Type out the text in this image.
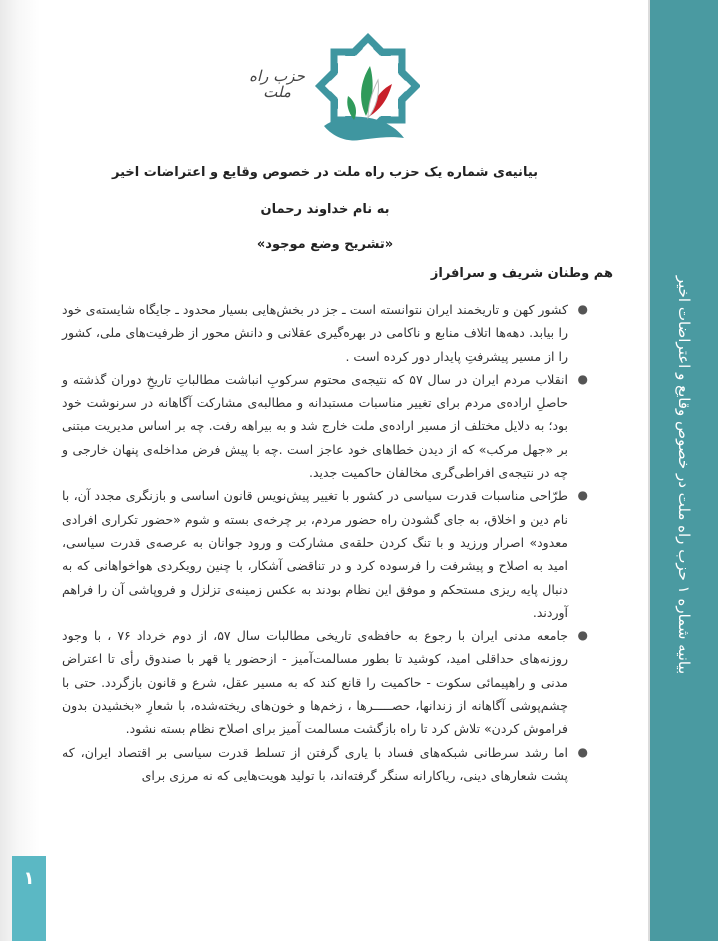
بیانیه شماره ۱ حزب راه ملت در خصوص وقایع و اعتراضات اخیر
حزب راه ملت
بیانیه‌ی شماره یک حزب راه ملت در خصوص وقایع و اعتراضات اخیر
به نام خداوند رحمان
«تشریح وضع موجود»
هم وطنان شریف و سرافراز
●
کشور کهن و تاریخمند ایران نتوانسته است ـ جز در بخش‌هایی بسیار محدود ـ جایگاه شایسته‌ی خود را بیابد. دهه‌ها اتلاف منابع و ناکامی در بهره‌گیری عقلانی و دانش محور از ظرفیت‌های ملی، کشور را از مسیر پیشرفتِ پایدار دور کرده است .
●
انقلاب مردم ایران در سال ۵۷ که نتیجه‌ی محتوم سرکوبِ انباشت مطالباتِ تاریخِ دوران گذشته و حاصلِ اراده‌ی مردم برای تغییر مناسبات مستبدانه و مطالبه‌ی مشارکت آگاهانه در سرنوشت خود بود؛ به دلایل مختلف از مسیر اراده‌ی ملت خارج شد و به بیراهه رفت. چه بر اساس مدیریت مبتنی بر «جهل مرکب» که از دیدن خطاهای خود عاجز است .چه با پیش فرض مداخله‌ی پنهان خارجی و چه در نتیجه‌ی افراطی‌گری مخالفان حاکمیت جدید.
●
طرّاحی مناسبات قدرت سیاسی در کشور با تغییر پیش‌نویس قانون اساسی و بازنگری مجدد آن، با نام دین و اخلاق، به جای گشودن راه حضور مردم، بر چرخه‌ی بسته و شوم «حضور تکراری افرادی معدود» اصرار ورزید و با تنگ کردن حلقه‌ی مشارکت و ورود جوانان به عرصه‌ی قدرت سیاسی، امید به اصلاح و پیشرفت را فرسوده کرد و در تناقضی آشکار، با چنین رویکردی هواخواهانی که به دنبال پایه ریزی مستحکم و موفق این نظام بودند به عکس زمینه‌ی تزلزل و فروپاشی آن را فراهم آوردند.
●
جامعه مدنی ایران با رجوع به حافظه‌ی تاریخی مطالبات سال ۵۷، از دوم خرداد ۷۶ ، با وجود روزنه‌های حداقلی امید، کوشید تا بطور مسالمت‌آمیز - ازحضور یا قهر با صندوق رأی تا اعتراض مدنی و راهپیمائی سکوت - حاکمیت را قانع کند که به مسیر عقل، شرع و قانون بازگردد. حتی با چشم‌پوشی آگاهانه از زندانها، حصـــــرها ، زخم‌ها و خون‌های ریخته‌شده، با شعارِ «بخشیدن بدون فراموش کردن» تلاش کرد تا راه بازگشت مسالمت آمیز برای اصلاح نظام بسته نشود.
●
اما رشد سرطانی شبکه‌های فساد با یاری گرفتن از تسلط قدرت سیاسی بر اقتصاد ایران، که پشت شعارهای دینی، ریاکارانه سنگر گرفته‌اند، با تولید هویت‌هایی که نه مرزی برای
۱
